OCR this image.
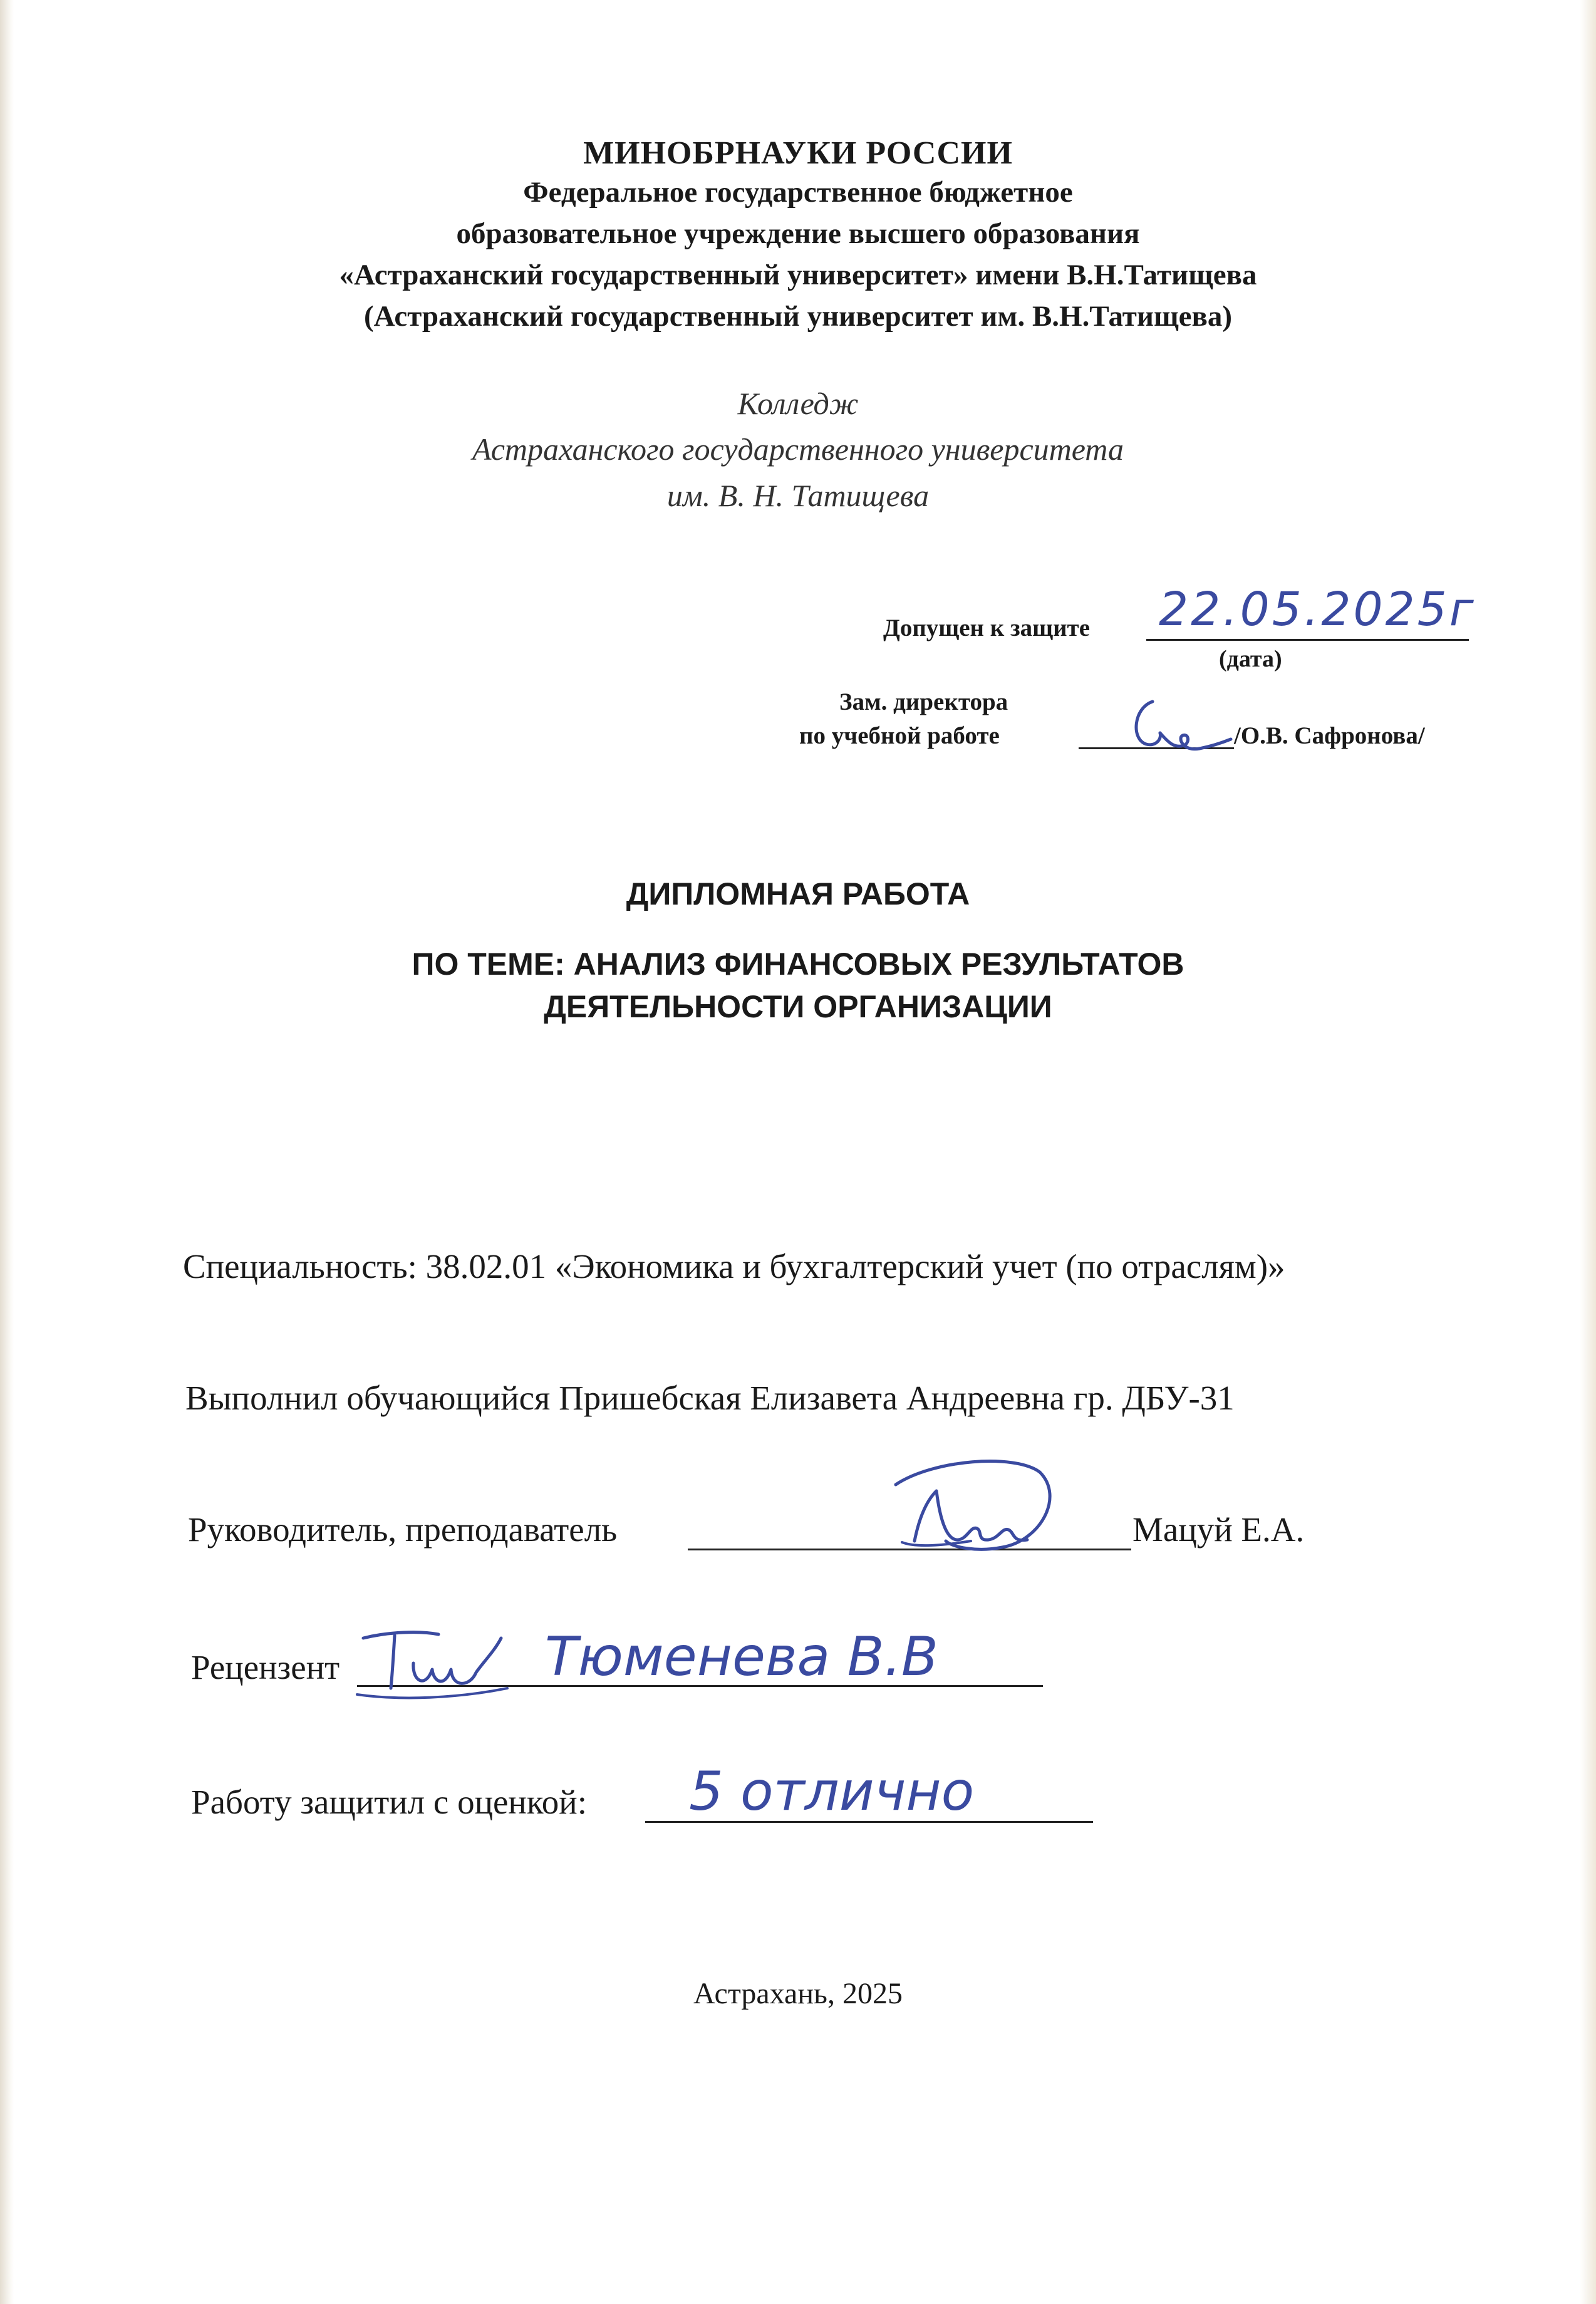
МИНОБРНАУКИ РОССИИ
Федеральное государственное бюджетное
образовательное учреждение высшего образования
«Астраханский государственный университет» имени В.Н.Татищева
(Астраханский государственный университет им. В.Н.Татищева)
Колледж
Астраханского государственного университета
им. В. Н. Татищева
Допущен к защите 22.05.2025г
(дата)
Зам. директора
по учебной работе	/О.В. Сафронова/
ДИПЛОМНАЯ РАБОТА
ПО ТЕМЕ: АНАЛИЗ ФИНАНСОВЫХ РЕЗУЛЬТАТОВ
ДЕЯТЕЛЬНОСТИ ОРГАНИЗАЦИИ
Специальность: 38.02.01 «Экономика и бухгалтерский учет (по отраслям)»
Выполнил обучающийся Пришебская Елизавета Андреевна гр. ДБУ-31
Руководитель, преподаватель	Мацуй Е.А.
Рецензент	Тюменева В.В
Работу защитил с оценкой: 5 отлично
Астрахань, 2025
